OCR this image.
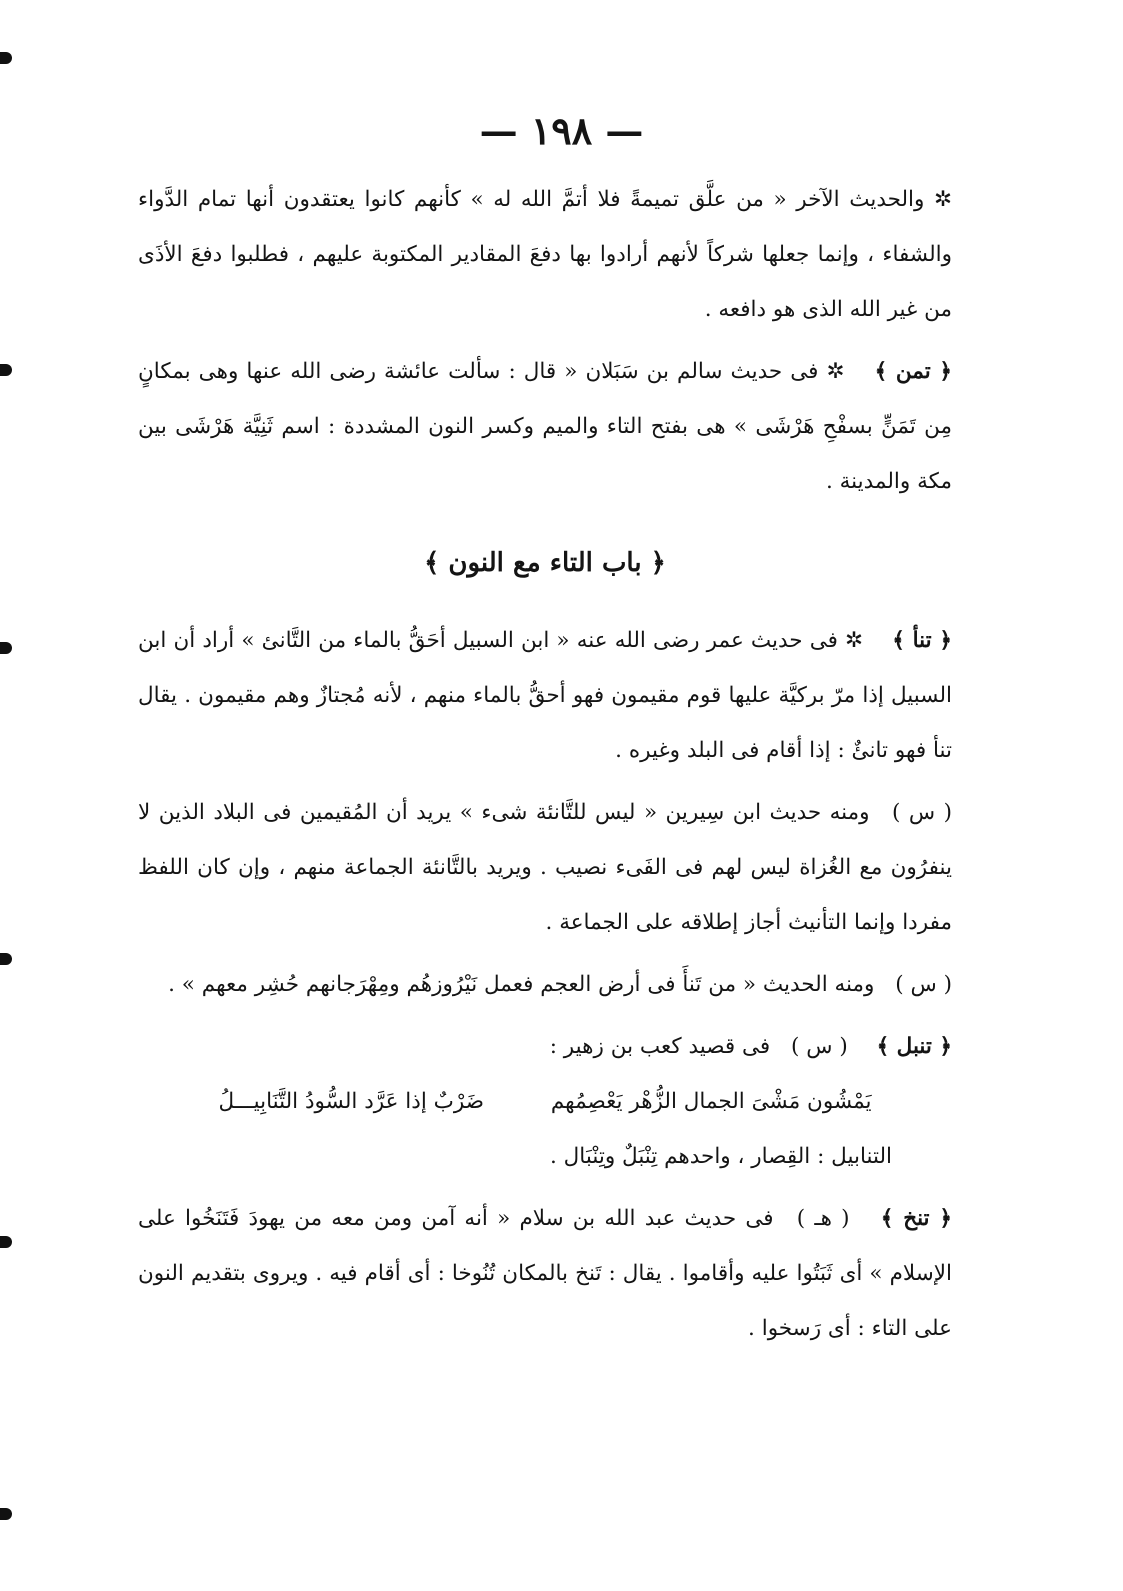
— ١٩٨ —

✲ والحديث الآخر « من علَّق تميمةً فلا أتمَّ الله له » كأنهم كانوا يعتقدون أنها تمام الدَّواء والشفاء ، وإنما جعلها شركاً لأنهم أرادوا بها دفعَ المقادير المكتوبة عليهم ، فطلبوا دفعَ الأذَى من غير الله الذى هو دافعه .

﴿ تمن ﴾ ✲ فى حديث سالم بن سَبَلان « قال : سألت عائشة رضى الله عنها وهى بمكانٍ مِن تَمَنٍّ بسفْحِ هَرْشَى » هى بفتح التاء والميم وكسر النون المشددة : اسم ثَنِيَّة هَرْشَى بين مكة والمدينة .

﴿ باب التاء مع النون ﴾

﴿ تنأ ﴾ ✲ فى حديث عمر رضى الله عنه « ابن السبيل أحَقُّ بالماء من التَّانئ » أراد أن ابن السبيل إذا مرّ بركيَّة عليها قوم مقيمون فهو أحقُّ بالماء منهم ، لأنه مُجتازٌ وهم مقيمون . يقال تنأ فهو تانئٌ : إذا أقام فى البلد وغيره .

( س ) ومنه حديث ابن سِيرين « ليس للتَّانئة شىء » يريد أن المُقيمين فى البلاد الذين لا ينفرُون مع الغُزاة ليس لهم فى الفَىء نصيب . ويريد بالتَّانئة الجماعة منهم ، وإن كان اللفظ مفردا وإنما التأنيث أجاز إطلاقه على الجماعة .

( س ) ومنه الحديث « من تَنأَ فى أرض العجم فعمل نَيْرُوزهُم ومِهْرَجانهم حُشِر معهم » .

﴿ تنبل ﴾ ( س ) فى قصيد كعب بن زهير :

يَمْشُون مَشْىَ الجمال الزُّهْر يَعْصِمُهم ضَرْبٌ إذا عَرَّد السُّودُ التَّنَابِيـــلُ

التنابيل : القِصار ، واحدهم تِنْبَلٌ وتِنْبَال .

﴿ تنخ ﴾ ( هـ ) فى حديث عبد الله بن سلام « أنه آمن ومن معه من يهودَ فَتَنَخُوا على الإسلام » أى ثَبَتُوا عليه وأقاموا . يقال : تَنخ بالمكان تُنُوخا : أى أقام فيه . ويروى بتقديم النون على التاء : أى رَسخوا .
